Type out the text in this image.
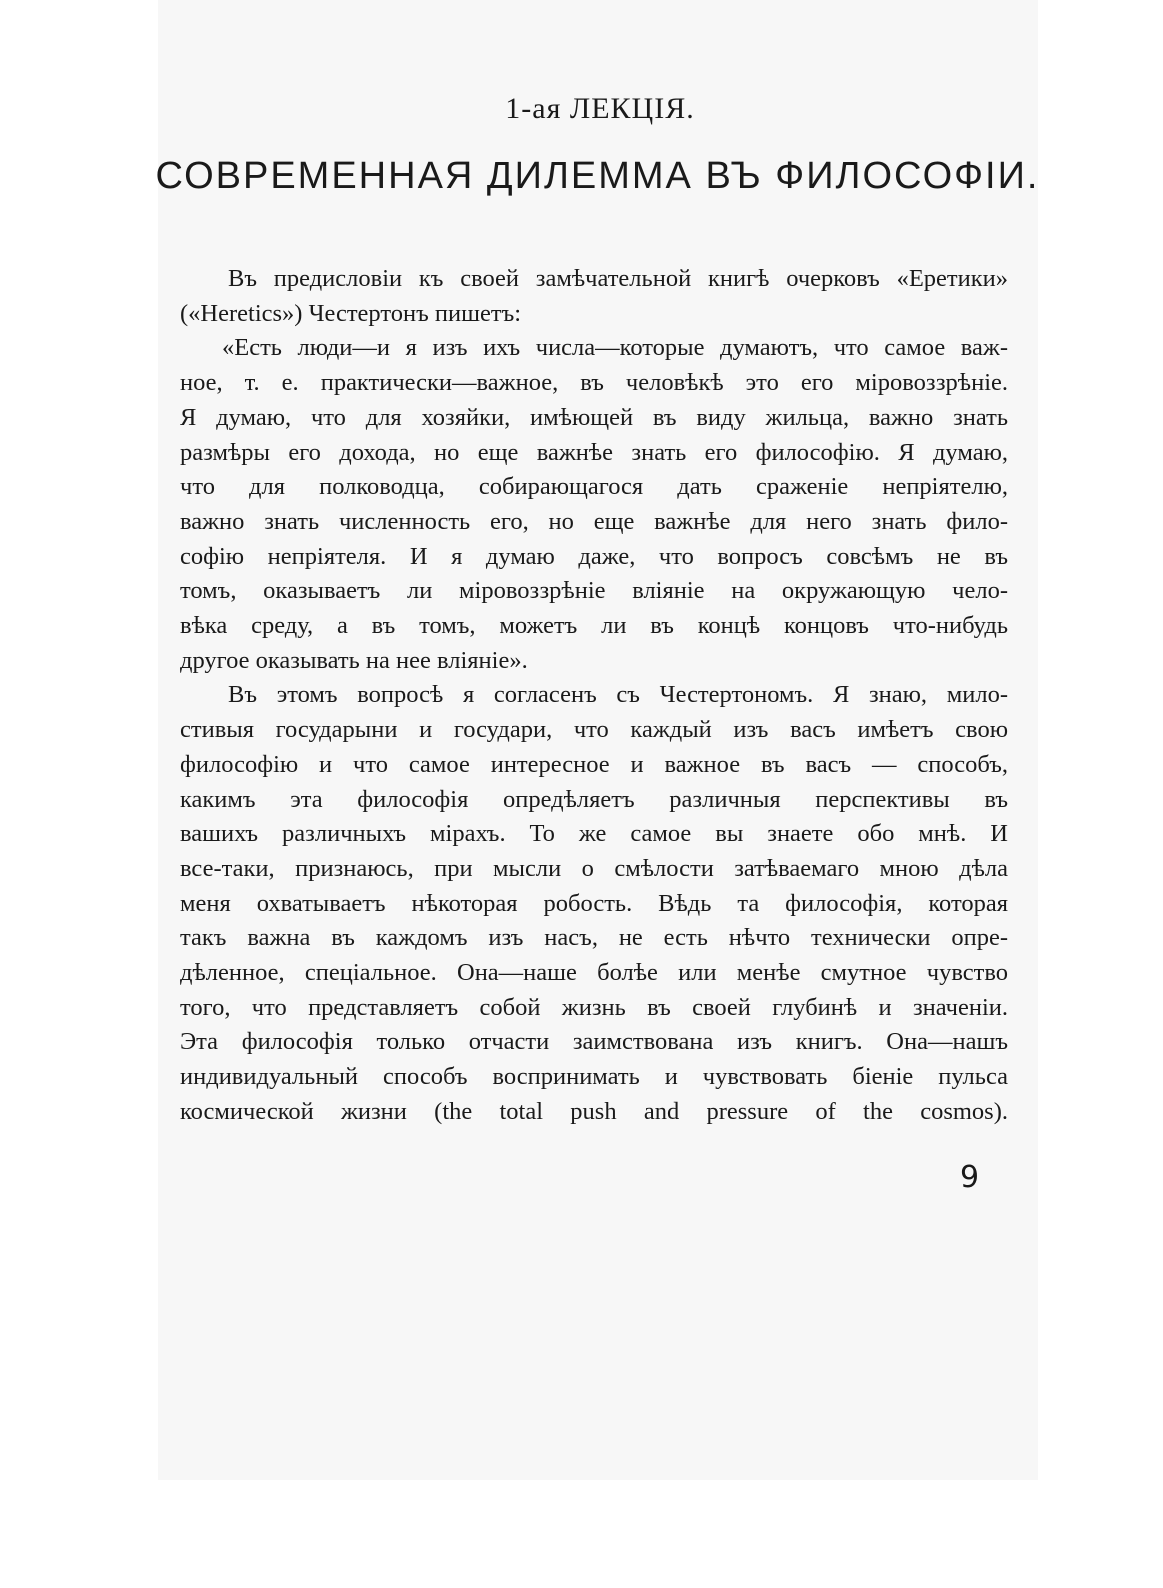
1-ая ЛЕКЦІЯ.
СОВРЕМЕННАЯ ДИЛЕММА ВЪ ФИЛОСОФІИ.
Въ предисловіи къ своей замѣчательной книгѣ очерковъ «Еретики»
(«Heretics») Честертонъ пишетъ:
«Есть люди—и я изъ ихъ числа—которые думаютъ, что самое важ-
ное, т. е. практически—важное, въ человѣкѣ это его міровоззрѣніе.
Я думаю, что для хозяйки, имѣющей въ виду жильца, важно знать
размѣры его дохода, но еще важнѣе знать его философію. Я думаю,
что для полководца, собирающагося дать сраженіе непріятелю,
важно знать численность его, но еще важнѣе для него знать фило-
софію непріятеля. И я думаю даже, что вопросъ совсѣмъ не въ
томъ, оказываетъ ли міровоззрѣніе вліяніе на окружающую чело-
вѣка среду, а въ томъ, можетъ ли въ концѣ концовъ что-нибудь
другое оказывать на нее вліяніе».
Въ этомъ вопросѣ я согласенъ съ Честертономъ. Я знаю, мило-
стивыя государыни и государи, что каждый изъ васъ имѣетъ свою
философію и что самое интересное и важное въ васъ — способъ,
какимъ эта философія опредѣляетъ различныя перспективы въ
вашихъ различныхъ мірахъ. То же самое вы знаете обо мнѣ. И
все-таки, признаюсь, при мысли о смѣлости затѣваемаго мною дѣла
меня охватываетъ нѣкоторая робость. Вѣдь та философія, которая
такъ важна въ каждомъ изъ насъ, не есть нѣчто технически опре-
дѣленное, спеціальное. Она—наше болѣе или менѣе смутное чувство
того, что представляетъ собой жизнь въ своей глубинѣ и значеніи.
Эта философія только отчасти заимствована изъ книгъ. Она—нашъ
индивидуальный способъ воспринимать и чувствовать біеніе пульса
космической жизни (the total push and pressure of the cosmos).
9
